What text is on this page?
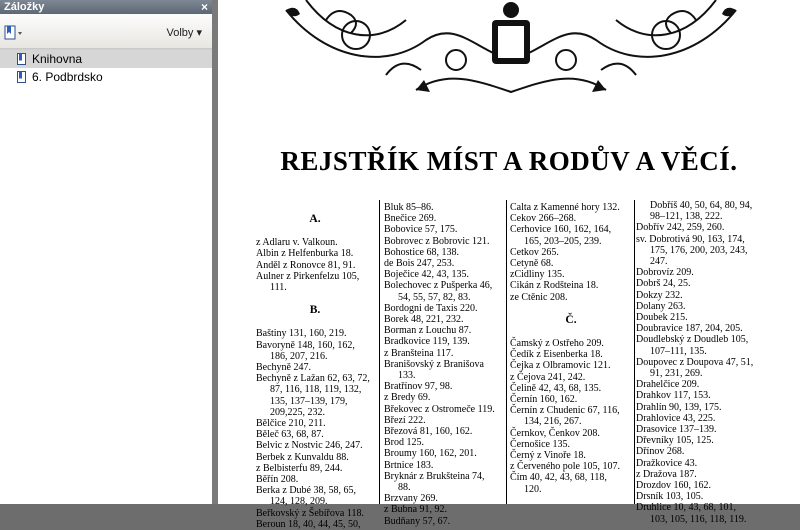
Záložky	×
Volby ▾
Knihovna
6. Podbrdsko
REJSTŘÍK MÍST A RODŮV A VĚCÍ.
A.
z Adlaru v. Valkoun.
Albin z Helfenburka 18.
Anděl z Ronovce 81, 91.
Aulner z Pirkenfelzu 105,
111.
B.
Baštiny 131, 160, 219.
Bavoryně 148, 160, 162,
186, 207, 216.
Bechyně 247.
Bechyně z Lažan 62, 63, 72,
87, 116, 118, 119, 132,
135, 137–139, 179,
209,225, 232.
Bělčice 210, 211.
Běleč 63, 68, 87.
Belvic z Nostvic 246, 247.
Berbek z Kunvaldu 88.
z Belbisterfu 89, 244.
Běřín 208.
Berka z Dubé 38, 58, 65,
124, 128, 209.
Beřkovský z Šebířova 118.
Beroun 18, 40, 44, 45, 50,
Bluk 85–86.
Bnečice 269.
Bobovice 57, 175.
Bobrovec z Bobrovic 121.
Bohostice 68, 138.
de Bois 247, 253.
Boječice 42, 43, 135.
Bolechovec z Pušperka 46,
54, 55, 57, 82, 83.
Bordogni de Taxis 220.
Borek 48, 221, 232.
Borman z Louchu 87.
Bradkovice 119, 139.
z Branšteina 117.
Branišovský z Branišova
133.
Bratřínov 97, 98.
z Bredy 69.
Břekovec z Ostromeče 119.
Březí 222.
Březová 81, 160, 162.
Brod 125.
Broumy 160, 162, 201.
Brtnice 183.
Bryknár z Brukšteina 74,
88.
Brzvany 269.
z Bubna 91, 92.
Budňany 57, 67.
Calta z Kamenné hory 132.
Cekov 266–268.
Cerhovice 160, 162, 164,
165, 203–205, 239.
Cetkov 265.
Cetyně 68.
zCidliny 135.
Cikán z Rodšteina 18.
ze Ctěnic 208.
Č.
Čamský z Ostřeho 209.
Čedík z Eisenberka 18.
Čejka z Olbramovic 121.
z Čejova 241, 242.
Čelině 42, 43, 68, 135.
Černín 160, 162.
Černín z Chudenic 67, 116,
134, 216, 267.
Černkov, Čenkov 208.
Černošice 135.
Černý z Vinoře 18.
z Červeného pole 105, 107.
Čím 40, 42, 43, 68, 118,
120.
Dobříš 40, 50, 64, 80, 94,
98–121, 138, 222.
Dobřív 242, 259, 260.
sv. Dobrotivá 90, 163, 174,
175, 176, 200, 203, 243,
247.
Dobrovíz 209.
Dobrš 24, 25.
Dokzy 232.
Dolany 263.
Doubek 215.
Doubravice 187, 204, 205.
Doudlebský z Doudleb 105,
107–111, 135.
Doupovec z Doupova 47, 51,
91, 231, 269.
Drahelčice 209.
Drahkov 117, 153.
Drahlín 90, 139, 175.
Drahlovice 43, 225.
Drasovice 137–139.
Dřevníky 105, 125.
Dřínov 268.
Dražkovice 43.
z Dražova 187.
Drozdov 160, 162.
Drsník 103, 105.
Druhlice 10, 43, 68, 101,
103, 105, 116, 118, 119.
